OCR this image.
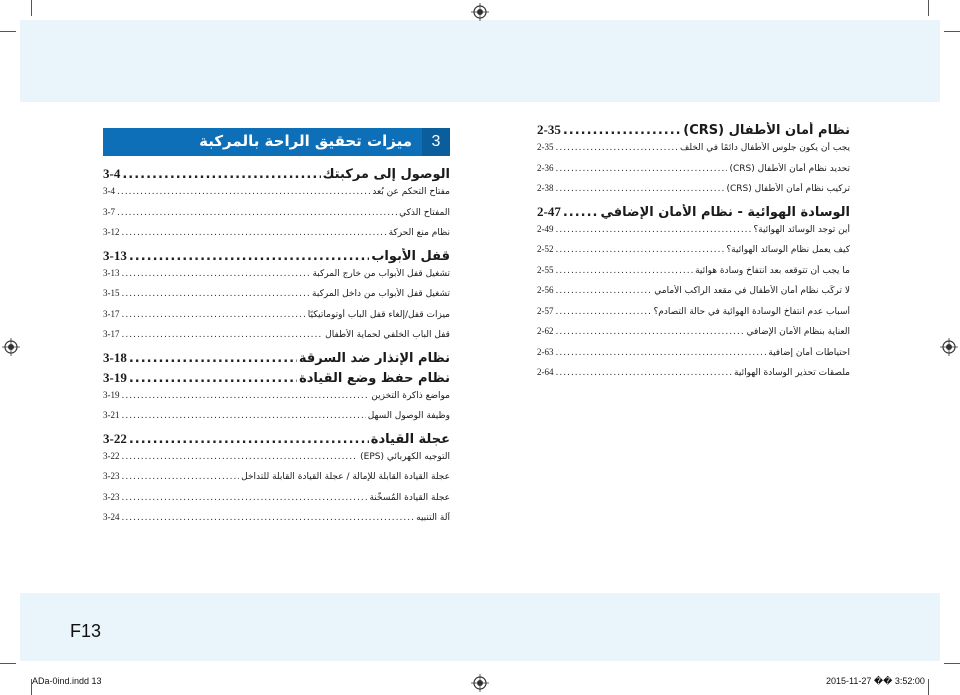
3
ميزات تحقيق الراحة بالمركبة
3-4 .....	الوصول إلى مركبتك
3-4 .....	مفتاح التحكم عن بُعد
3-7 .....	المفتاح الذكي
3-12 .....	نظام منع الحركة
3-13 .....	قفل الأبواب
3-13 .....	تشغيل قفل الأبواب من خارج المركبة
3-15 .....	تشغيل قفل الأبواب من داخل المركبة
3-17 .....	ميزات قفل/إلغاء قفل الباب أوتوماتيكيًا
3-17 .....	قفل الباب الخلفي لحماية الأطفال
3-18 .....	نظام الإنذار ضد السرقة
3-19 .....	نظام حفظ وضع القيادة
3-19 .....	مواضع ذاكرة التخزين
3-21 .....	وظيفة الوصول السهل
3-22 .....	عجلة القيادة
3-22 .....	التوجيه الكهربائي (EPS)
3-23 .....	عجلة القيادة القابلة للإمالة / عجلة القيادة القابلة للتداخل
3-23 .....	عجلة القيادة المُسخّنة
3-24 .....	آلة التنبيه
2-35 .....	نظام أمان الأطفال (CRS)
2-35 .....	يجب أن يكون جلوس الأطفال دائمًا في الخلف
2-36 .....	تحديد نظام أمان الأطفال (CRS)
2-38 .....	تركيب نظام أمان الأطفال (CRS)
2-47 .....	الوسادة الهوائية - نظام الأمان الإضافي
2-49 .....	أين توجد الوسائد الهوائية؟
2-52 .....	كيف يعمل نظام الوسائد الهوائية؟
2-55 .....	ما يجب أن تتوقعه بعد انتفاخ وسادة هوائية
2-56 .....	لا تركِّب نظام أمان الأطفال في مقعد الراكب الأمامي
2-57 .....	أسباب عدم انتفاخ الوسادة الهوائية في حالة التصادم؟
2-62 .....	العناية بنظام الأمان الإضافي
2-63 .....	احتياطات أمان إضافية
2-64 .....	ملصقات تحذير الوسادة الهوائية
F13
ADa-0ind.indd 13	2015-11-27 �� 3:52:00
